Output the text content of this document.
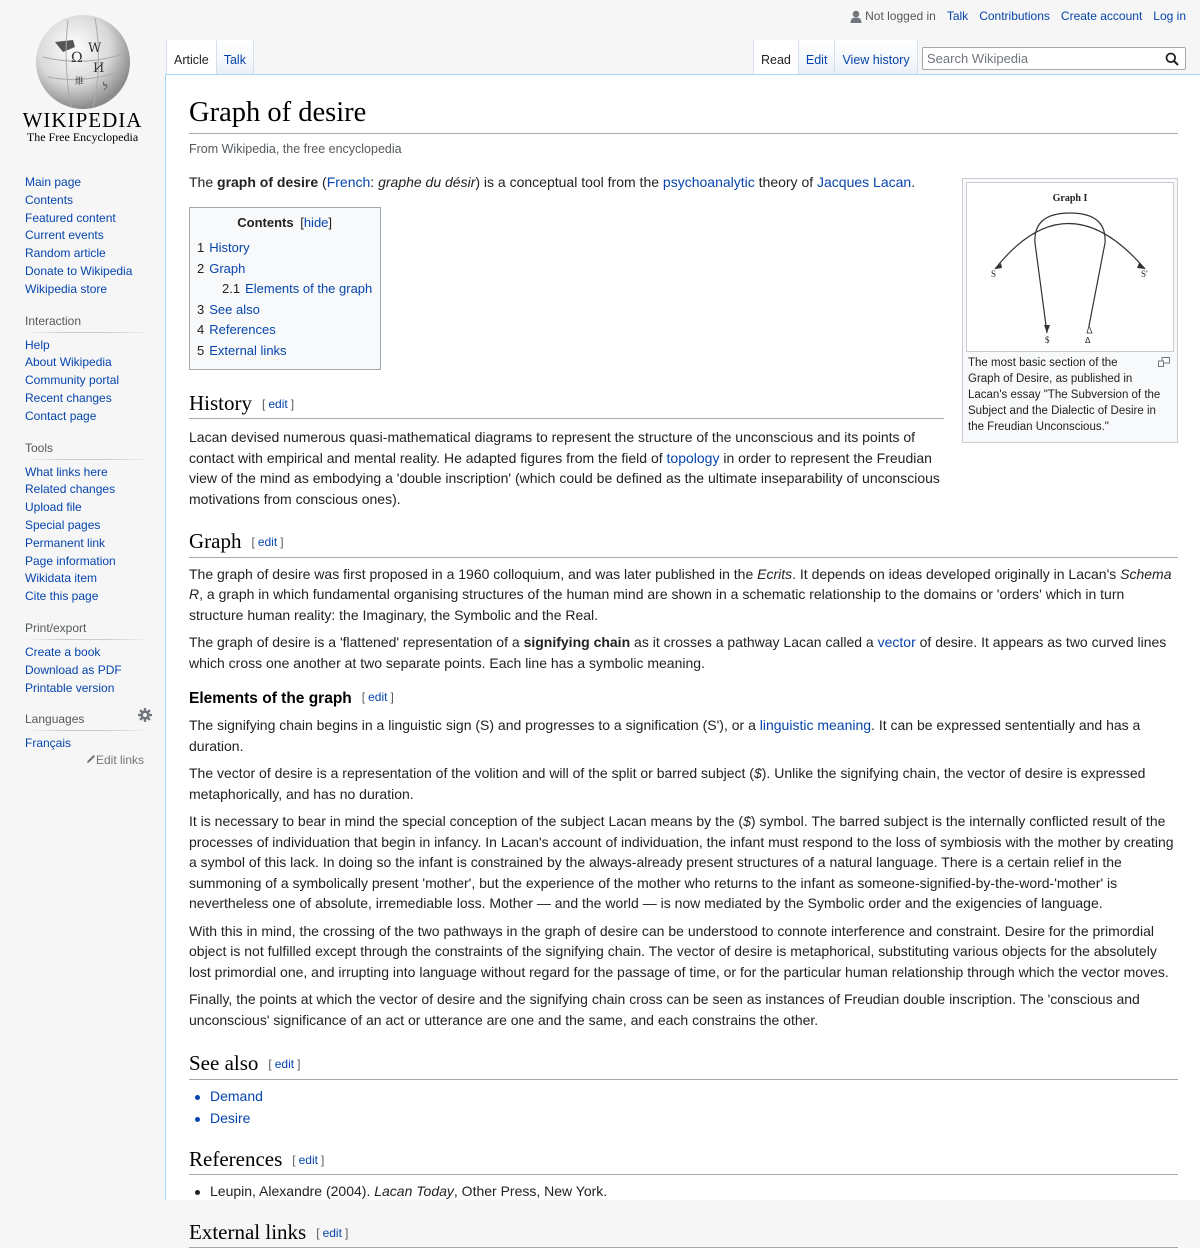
Ω
W
И
維 ל
WIKIPEDIA
The Free Encyclopedia
Not logged in Talk Contributions Create account Log in
Article	Talk	Read	Edit	View history	Search Wikipedia
Main page
Contents
Featured content
Current events
Random article
Donate to Wikipedia
Wikipedia store
Interaction
Help
About Wikipedia
Community portal
Recent changes
Contact page
Tools
What links here
Related changes
Upload file
Special pages
Permanent link
Page information
Wikidata item
Cite this page
Print/export
Create a book
Download as PDF
Printable version
Languages
Français
Edit links
Graph of desire
From Wikipedia, the free encyclopedia

The graph of desire (French: graphe du désir) is a conceptual tool from the psychoanalytic theory of Jacques Lacan.

Contents [hide]
1 History
2 Graph
2.1 Elements of the graph
3 See also
4 References
5 External links
History [ edit ]

Lacan devised numerous quasi-mathematical diagrams to represent the structure of the unconscious and its points of contact with empirical and mental reality. He adapted figures from the field of topology in order to represent the Freudian view of the mind as embodying a 'double inscription' (which could be defined as the ultimate inseparability of unconscious motivations from conscious ones).

Graph [ edit ]

The graph of desire was first proposed in a 1960 colloquium, and was later published in the Ecrits. It depends on ideas developed originally in Lacan's Schema R, a graph in which fundamental organising structures of the human mind are shown in a schematic relationship to the domains or 'orders' which in turn structure human reality: the Imaginary, the Symbolic and the Real.

The graph of desire is a 'flattened' representation of a signifying chain as it crosses a pathway Lacan called a vector of desire. It appears as two curved lines which cross one another at two separate points. Each line has a symbolic meaning.

Elements of the graph [ edit ]

The signifying chain begins in a linguistic sign (S) and progresses to a signification (S'), or a linguistic meaning. It can be expressed sententially and has a duration.

The vector of desire is a representation of the volition and will of the split or barred subject ($). Unlike the signifying chain, the vector of desire is expressed metaphorically, and has no duration.

It is necessary to bear in mind the special conception of the subject Lacan means by the ($) symbol. The barred subject is the internally conflicted result of the processes of individuation that begin in infancy. In Lacan's account of individuation, the infant must respond to the loss of symbiosis with the mother by creating a symbol of this lack. In doing so the infant is constrained by the always-already present structures of a natural language. There is a certain relief in the summoning of a symbolically present 'mother', but the experience of the mother who returns to the infant as someone-signified-by-the-word-'mother' is nevertheless one of absolute, irremediable loss. Mother — and the world — is now mediated by the Symbolic order and the exigencies of language.

With this in mind, the crossing of the two pathways in the graph of desire can be understood to connote interference and constraint. Desire for the primordial object is not fulfilled except through the constraints of the signifying chain. The vector of desire is metaphorical, substituting various objects for the absolutely lost primordial one, and irrupting into language without regard for the passage of time, or for the particular human relationship through which the vector moves.

Finally, the points at which the vector of desire and the signifying chain cross can be seen as instances of Freudian double inscription. The 'conscious and unconscious' significance of an act or utterance are one and the same, and each constrains the other.

See also [ edit ]
Demand
Desire
References [ edit ]
Leupin, Alexandre (2004). Lacan Today, Other Press, New York.
External links [ edit ]
Graph I
S	S'
$	Δ
The most basic section of the Graph of Desire, as published in Lacan's essay "The Subversion of the Subject and the Dialectic of Desire in the Freudian Unconscious."
